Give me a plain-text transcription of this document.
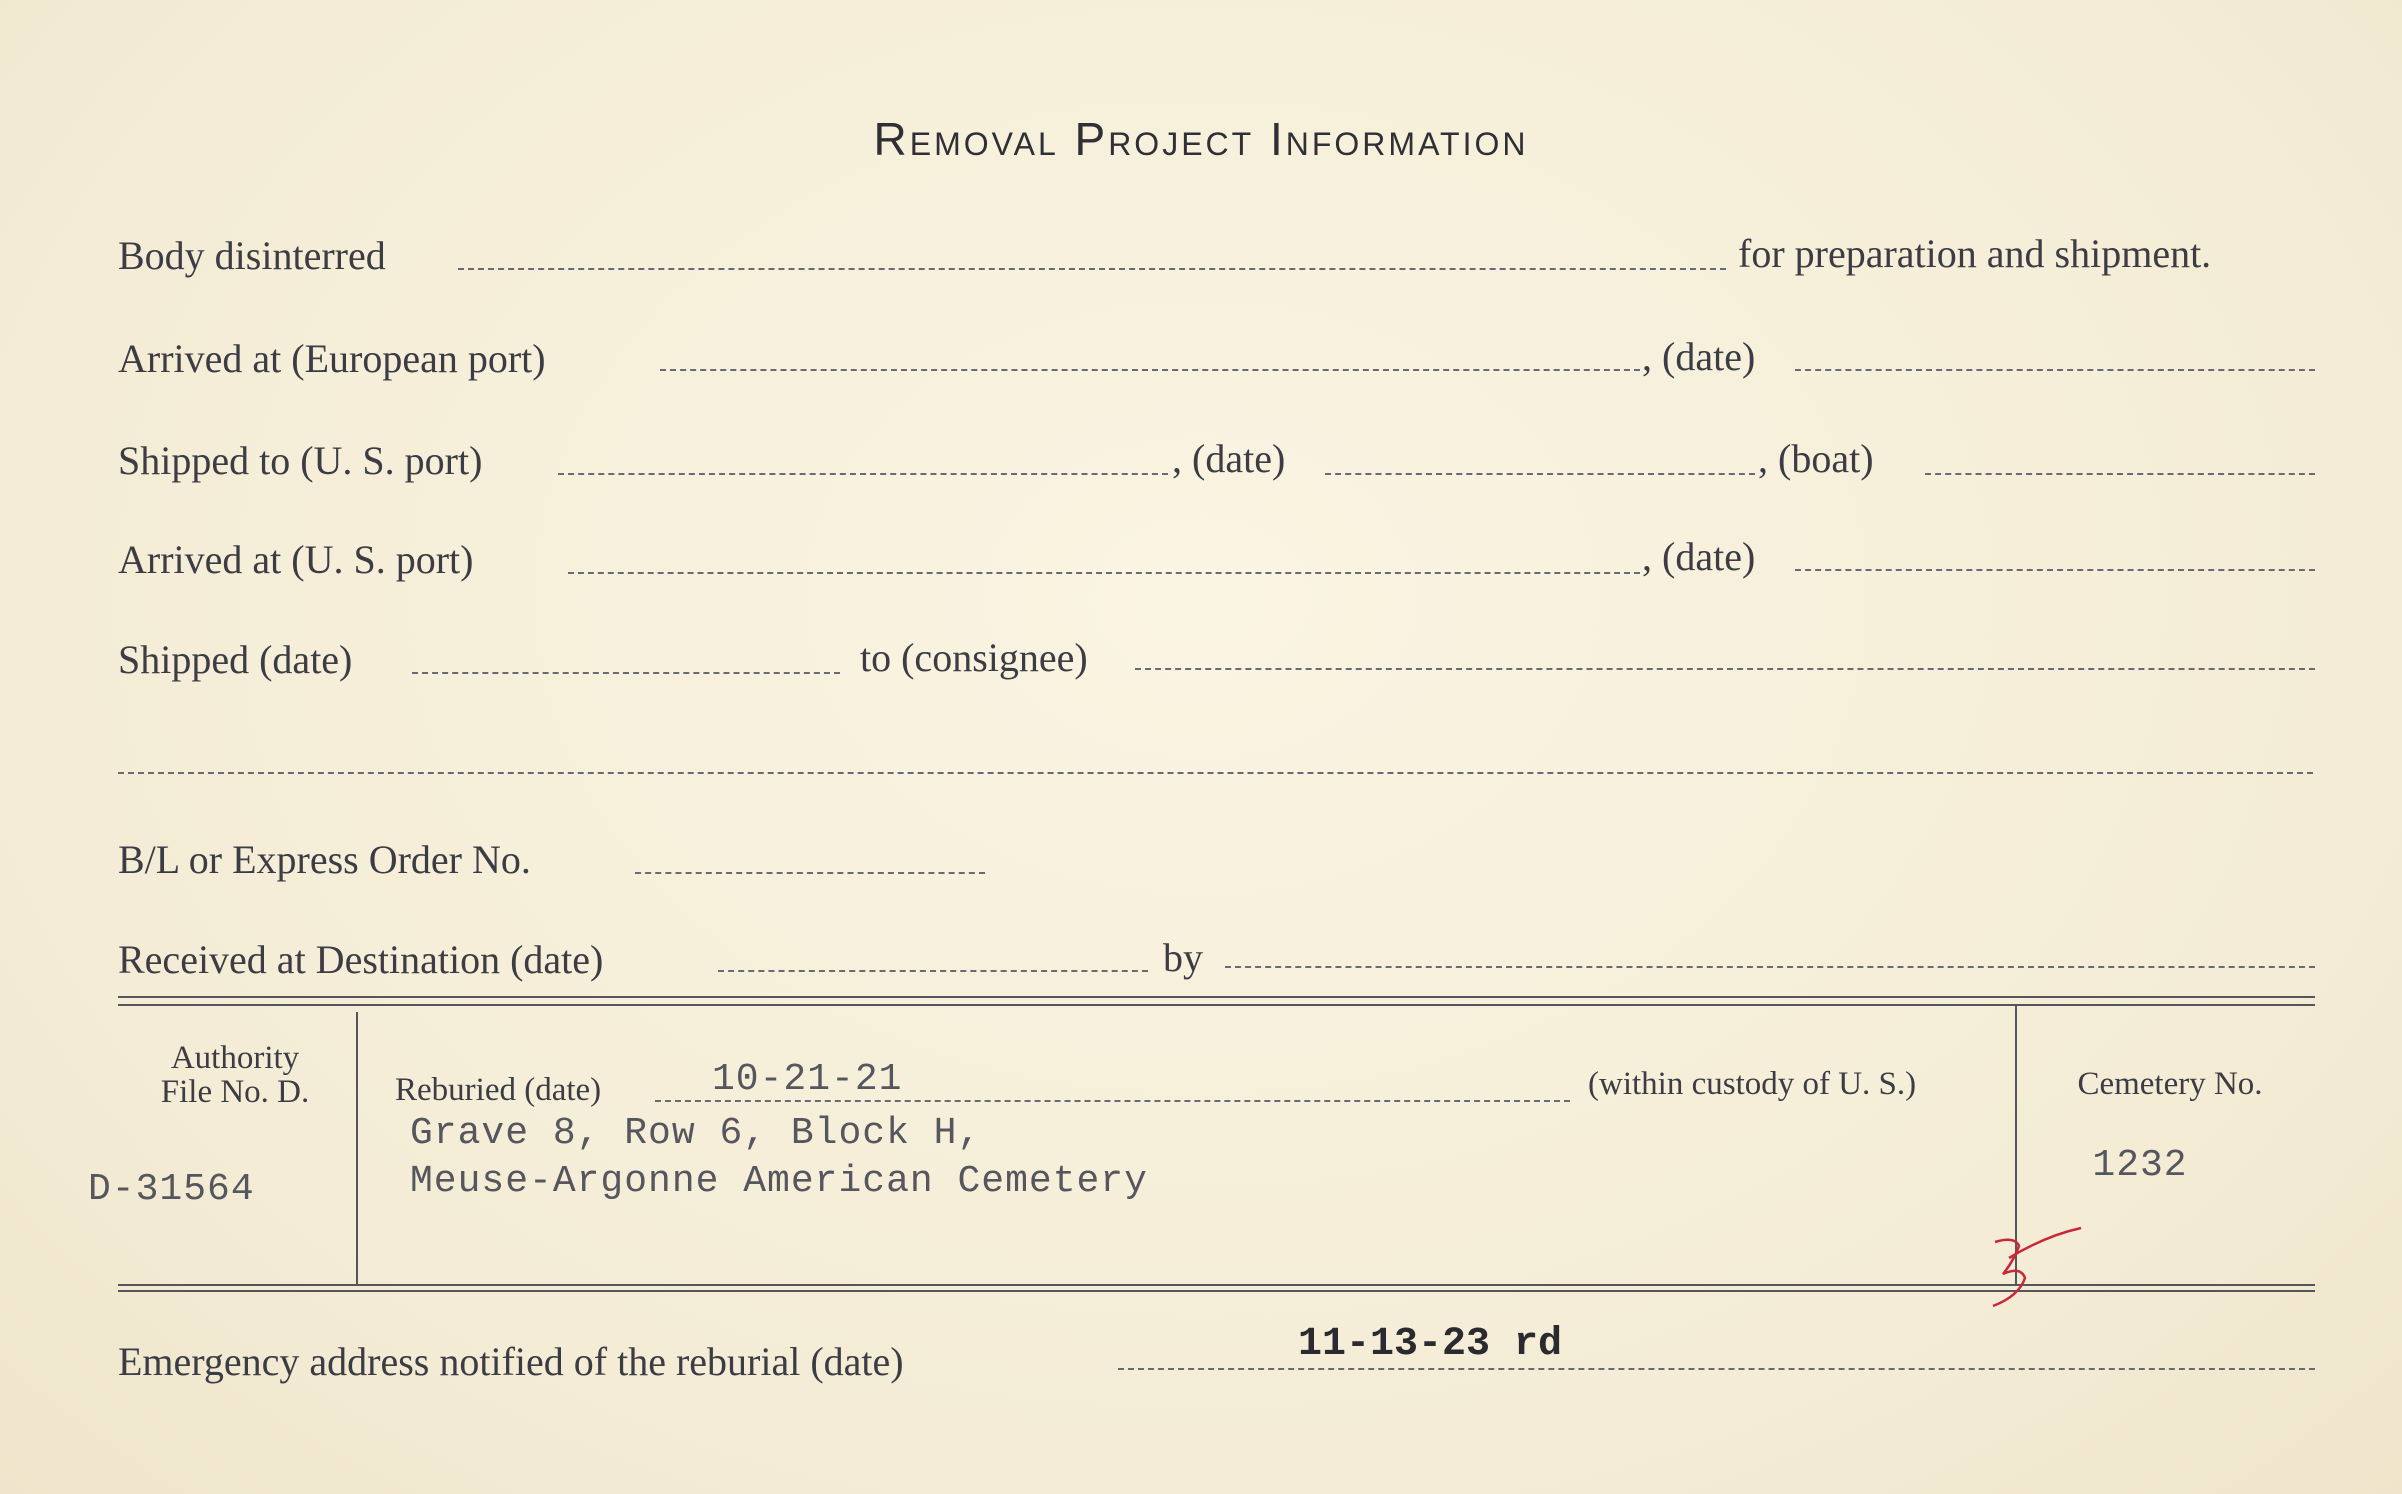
Removal Project Information
Body disinterred	for preparation and shipment.
Arrived at (European port)	, (date)
Shipped to (U. S. port)	, (date)	, (boat)
Arrived at (U. S. port)	, (date)
Shipped (date)	to (consignee)
B/L or Express Order No.
Received at Destination (date)	by
Authority
File No. D.
D-31564
Reburied (date)	10-21-21	(within custody of U. S.)
Grave 8, Row 6, Block H,
Meuse-Argonne American Cemetery
Cemetery No.
1232
Emergency address notified of the reburial (date)	11-13-23 rd
